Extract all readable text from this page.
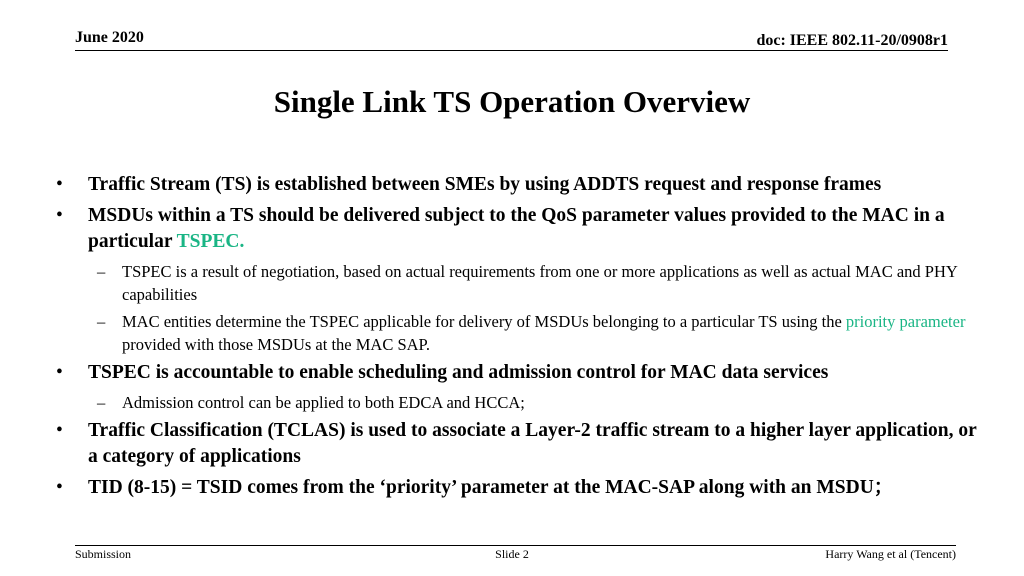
June 2020	doc: IEEE 802.11-20/0908r1
Single Link TS Operation Overview
• Traffic Stream (TS) is established between SMEs by using ADDTS request and response frames
• MSDUs within a TS should be delivered subject to the QoS parameter values provided to the MAC in a particular TSPEC.
– TSPEC is a result of negotiation, based on actual requirements from one or more applications as well as actual MAC and PHY capabilities
– MAC entities determine the TSPEC applicable for delivery of MSDUs belonging to a particular TS using the priority parameter provided with those MSDUs at the MAC SAP.
• TSPEC is accountable to enable scheduling and admission control for MAC data services
– Admission control can be applied to both EDCA and HCCA;
• Traffic Classification (TCLAS) is used to associate a Layer-2 traffic stream to a higher layer application, or a category of applications
• TID (8-15) = TSID comes from the ‘priority’ parameter at the MAC-SAP along with an MSDU；
Submission	Slide 2	Harry Wang et al (Tencent)
